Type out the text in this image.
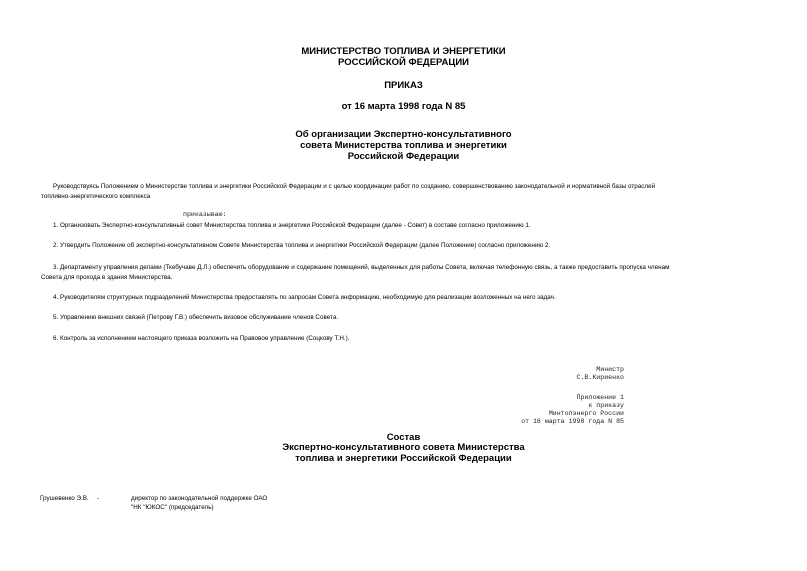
МИНИСТЕРСТВО ТОПЛИВА И ЭНЕРГЕТИКИ
РОССИЙСКОЙ ФЕДЕРАЦИИ
ПРИКАЗ
от 16 марта 1998 года N 85
Об организации Экспертно-консультативного
совета Министерства топлива и энергетики
Российской Федерации
Руководствуясь Положением о Министерстве топлива и энергетики Российской Федерации и с целью координации работ по созданию, совершенствованию законодательной и нормативной базы отраслей
топливно-энергетического комплекса
приказываю:
1. Организовать Экспертно-консультативный совет Министерства топлива и энергетики Российской Федерации (далее - Совет) в составе согласно приложению 1.
2. Утвердить Положение об экспертно-консультативном Совете Министерства топлива и энергетики Российской Федерации (далее Положение) согласно приложению 2.
3. Департаменту управления делами (Ткебучаве Д.Л.) обеспечить оборудование и содержание помещений, выделенных для работы Совета, включая телефонную связь, а также предоставить пропуска членам
Совета для прохода в здания Министерства.
4. Руководителям структурных подразделений Министерства предоставлять по запросам Совета информацию, необходимую для реализации возложенных на него задач.
5. Управлению внешних связей (Петрову Г.В.) обеспечить визовое обслуживание членов Совета.
6. Контроль за исполнением настоящего приказа возложить на Правовое управление (Соцкову Т.Н.).
Министр
С.В.Кириенко
Приложение 1
к приказу
Минтопэнерго России
от 16 марта 1998 года N 85
Состав
Экспертно-консультативного совета Министерства
топлива и энергетики Российской Федерации
Грушевенко Э.В. -	директор по законодательной поддержке ОАО
"НК "ЮКОС" (председатель)
